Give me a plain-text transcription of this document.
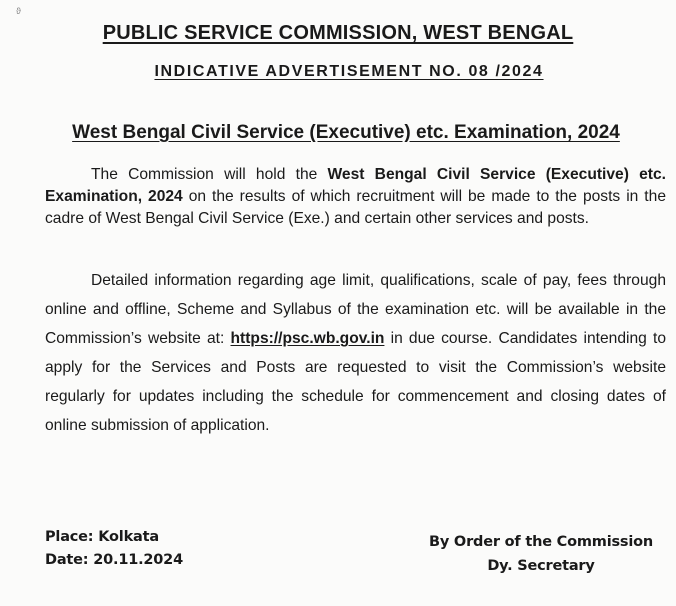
ϑ
PUBLIC SERVICE COMMISSION, WEST BENGAL
INDICATIVE ADVERTISEMENT NO. 08 /2024
West Bengal Civil Service (Executive) etc. Examination, 2024

The Commission will hold the West Bengal Civil Service (Executive) etc. Examination, 2024 on the results of which recruitment will be made to the posts in the cadre of West Bengal Civil Service (Exe.) and certain other services and posts.

Detailed information regarding age limit, qualifications, scale of pay, fees through online and offline, Scheme and Syllabus of the examination etc. will be available in the Commission’s website at: https://psc.wb.gov.in in due course. Candidates intending to apply for the Services and Posts are requested to visit the Commission’s website regularly for updates including the schedule for commencement and closing dates of online submission of application.

Place: Kolkata
Date: 20.11.2024
By Order of the Commission
Dy. Secretary
